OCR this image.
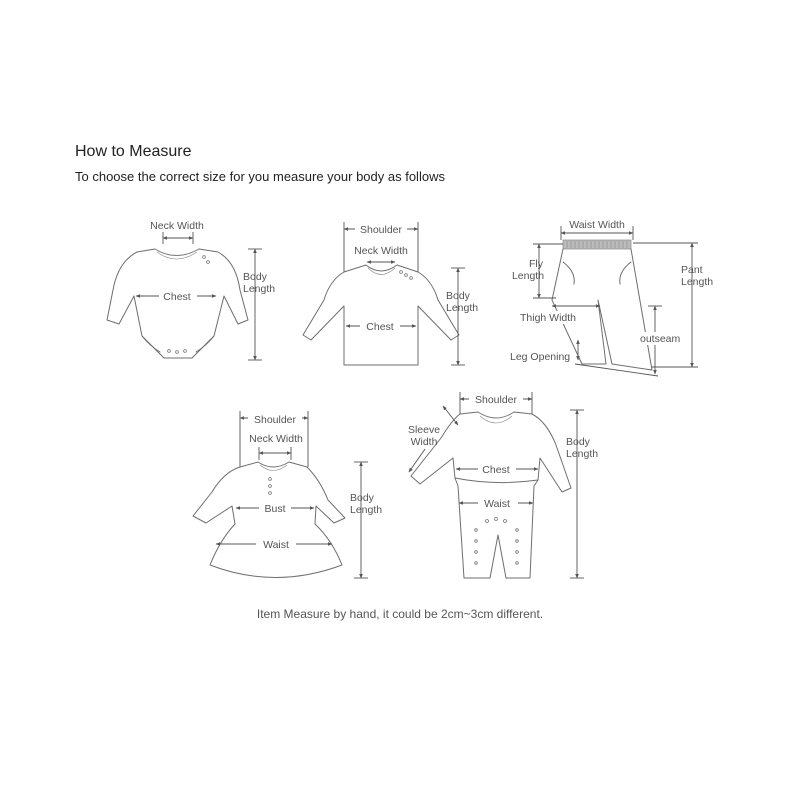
How to Measure
To choose the correct size for you measure your body as follows
Neck Width
Chest
Body
Length
Shoulder
Neck Width
Chest
Body
Length
Waist Width
Fly
Length	Pant
Length
Thigh Width
outseam
Leg Opening
Shoulder
Neck Width
Bust
Waist
Body
Length
Shoulder
Sleeve
Width
Chest
Waist
Body
Length
Item Measure by hand, it could be 2cm~3cm different.
